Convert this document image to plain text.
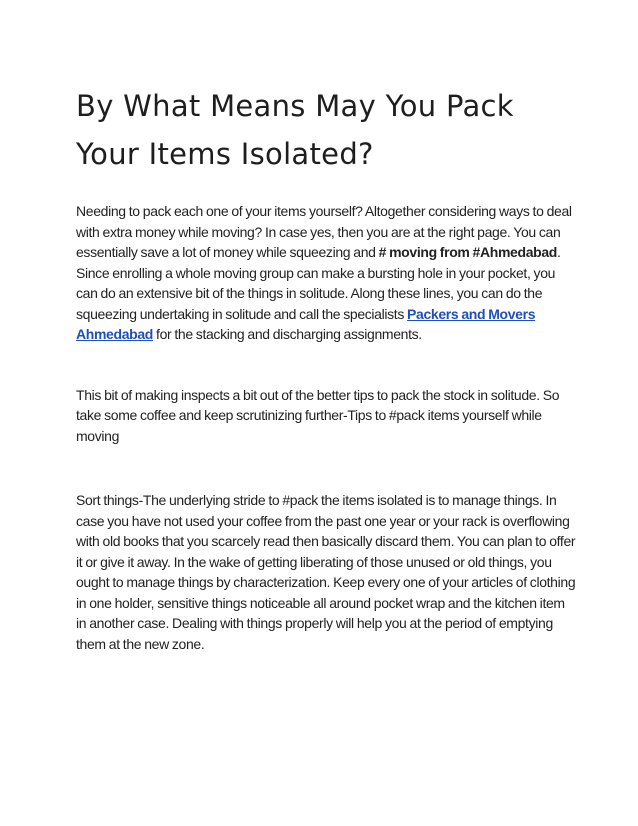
By What Means May You Pack
Your Items Isolated?

Needing to pack each one of your items yourself? Altogether considering ways to deal with extra money while moving? In case yes, then you are at the right page. You can essentially save a lot of money while squeezing and # moving from #Ahmedabad. Since enrolling a whole moving group can make a bursting hole in your pocket, you can do an extensive bit of the things in solitude. Along these lines, you can do the squeezing undertaking in solitude and call the specialists Packers and Movers Ahmedabad for the stacking and discharging assignments.

This bit of making inspects a bit out of the better tips to pack the stock in solitude. So take some coffee and keep scrutinizing further-Tips to #pack items yourself while moving

Sort things-The underlying stride to #pack the items isolated is to manage things. In case you have not used your coffee from the past one year or your rack is overflowing with old books that you scarcely read then basically discard them. You can plan to offer it or give it away. In the wake of getting liberating of those unused or old things, you ought to manage things by characterization. Keep every one of your articles of clothing in one holder, sensitive things noticeable all around pocket wrap and the kitchen item in another case. Dealing with things properly will help you at the period of emptying them at the new zone.
